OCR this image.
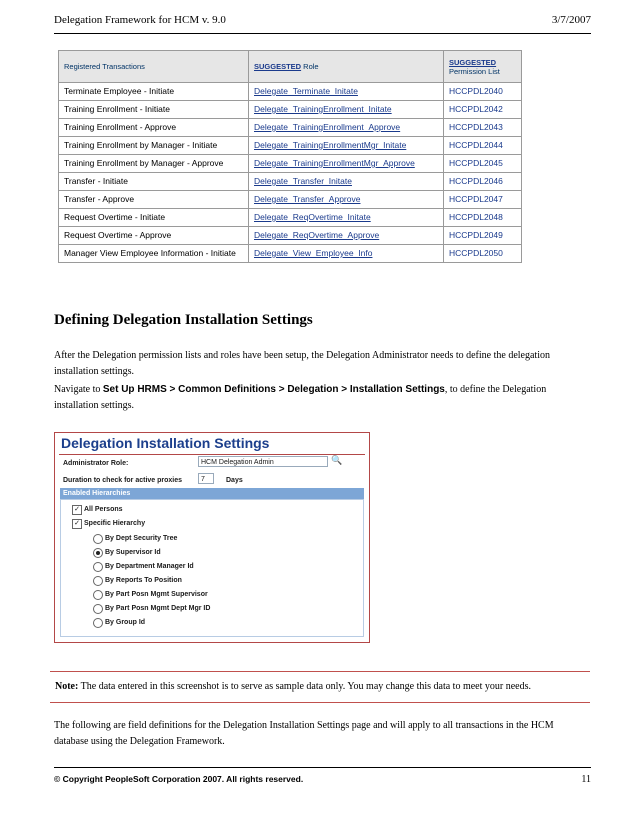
Delegation Framework for HCM v. 9.0	3/7/2007
Registered Transactions	SUGGESTED Role	SUGGESTED
Permission List
Terminate Employee - Initiate	Delegate_Terminate_Initate	HCCPDL2040
Training Enrollment - Initiate	Delegate_TrainingEnrollment_Initate	HCCPDL2042
Training Enrollment - Approve	Delegate_TrainingEnrollment_Approve	HCCPDL2043
Training Enrollment by Manager - Initiate	Delegate_TrainingEnrollmentMgr_Initate	HCCPDL2044
Training Enrollment by Manager - Approve	Delegate_TrainingEnrollmentMgr_Approve	HCCPDL2045
Transfer - Initiate	Delegate_Transfer_Initate	HCCPDL2046
Transfer - Approve	Delegate_Transfer_Approve	HCCPDL2047
Request Overtime - Initiate	Delegate_ReqOvertime_Initate	HCCPDL2048
Request Overtime - Approve	Delegate_ReqOvertime_Approve	HCCPDL2049
Manager View Employee Information - Initiate	Delegate_View_Employee_Info	HCCPDL2050
Defining Delegation Installation Settings

After the Delegation permission lists and roles have been setup, the Delegation Administrator needs to define the delegation installation settings.

Navigate to Set Up HRMS > Common Definitions > Delegation > Installation Settings, to define the Delegation installation settings.

Delegation Installation Settings
Administrator Role:	HCM Delegation Admin	🔍
Duration to check for active proxies	7	Days
Enabled Hierarchies
✓ All Persons
✓ Specific Hierarchy
By Dept Security Tree
By Supervisor Id
By Department Manager Id
By Reports To Position
By Part Posn Mgmt Supervisor
By Part Posn Mgmt Dept Mgr ID
By Group Id
Note: The data entered in this screenshot is to serve as sample data only. You may change this data to meet your needs.

The following are field definitions for the Delegation Installation Settings page and will apply to all transactions in the HCM database using the Delegation Framework.

© Copyright PeopleSoft Corporation 2007. All rights reserved.	11
